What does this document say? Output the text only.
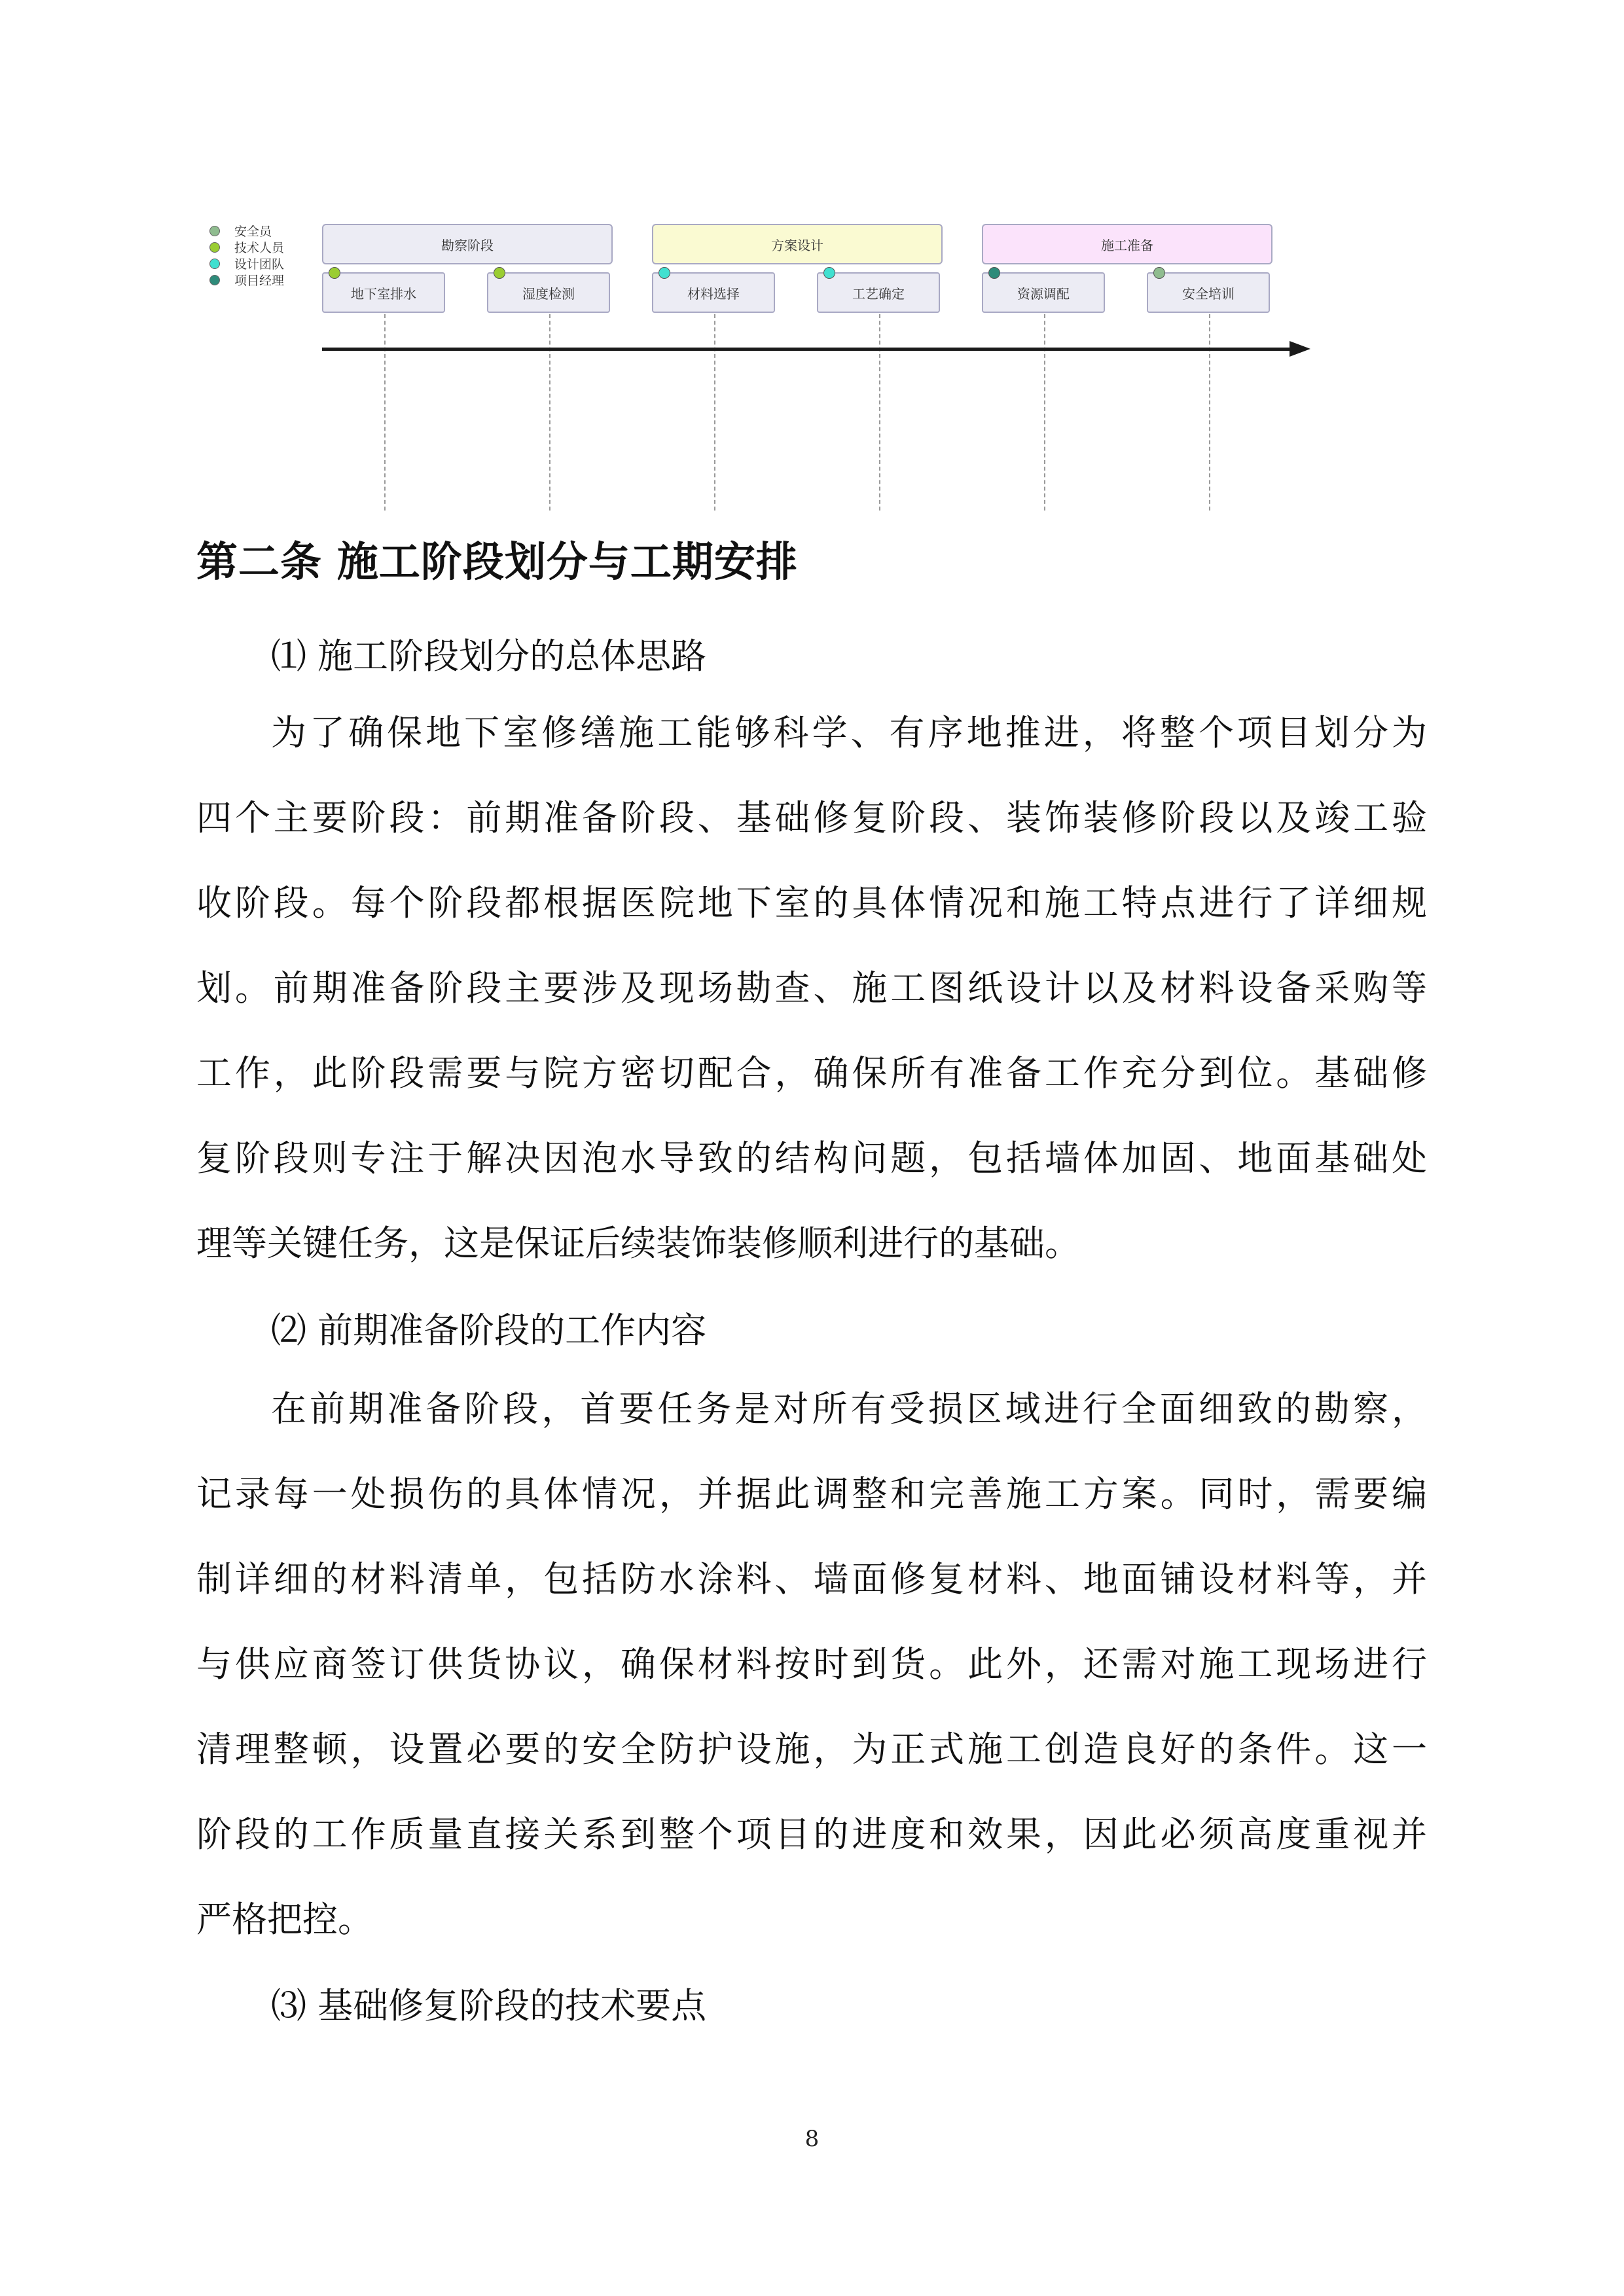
安全员
技术人员
设计团队
项目经理
勘察阶段	方案设计	施工准备
地下室排水	湿度检测	材料选择	工艺确定	资源调配	安全培训
第二条 施工阶段划分与工期安排
⑴ 施工阶段划分的总体思路
为了确保地下室修缮施工能够科学、有序地推进，将整个项目划分为
四个主要阶段：前期准备阶段、基础修复阶段、装饰装修阶段以及竣工验
收阶段。每个阶段都根据医院地下室的具体情况和施工特点进行了详细规
划。前期准备阶段主要涉及现场勘查、施工图纸设计以及材料设备采购等
工作，此阶段需要与院方密切配合，确保所有准备工作充分到位。基础修
复阶段则专注于解决因泡水导致的结构问题，包括墙体加固、地面基础处
理等关键任务，这是保证后续装饰装修顺利进行的基础。
⑵ 前期准备阶段的工作内容
在前期准备阶段，首要任务是对所有受损区域进行全面细致的勘察，
记录每一处损伤的具体情况，并据此调整和完善施工方案。同时，需要编
制详细的材料清单，包括防水涂料、墙面修复材料、地面铺设材料等，并
与供应商签订供货协议，确保材料按时到货。此外，还需对施工现场进行
清理整顿，设置必要的安全防护设施，为正式施工创造良好的条件。这一
阶段的工作质量直接关系到整个项目的进度和效果，因此必须高度重视并
严格把控。
⑶ 基础修复阶段的技术要点
8
